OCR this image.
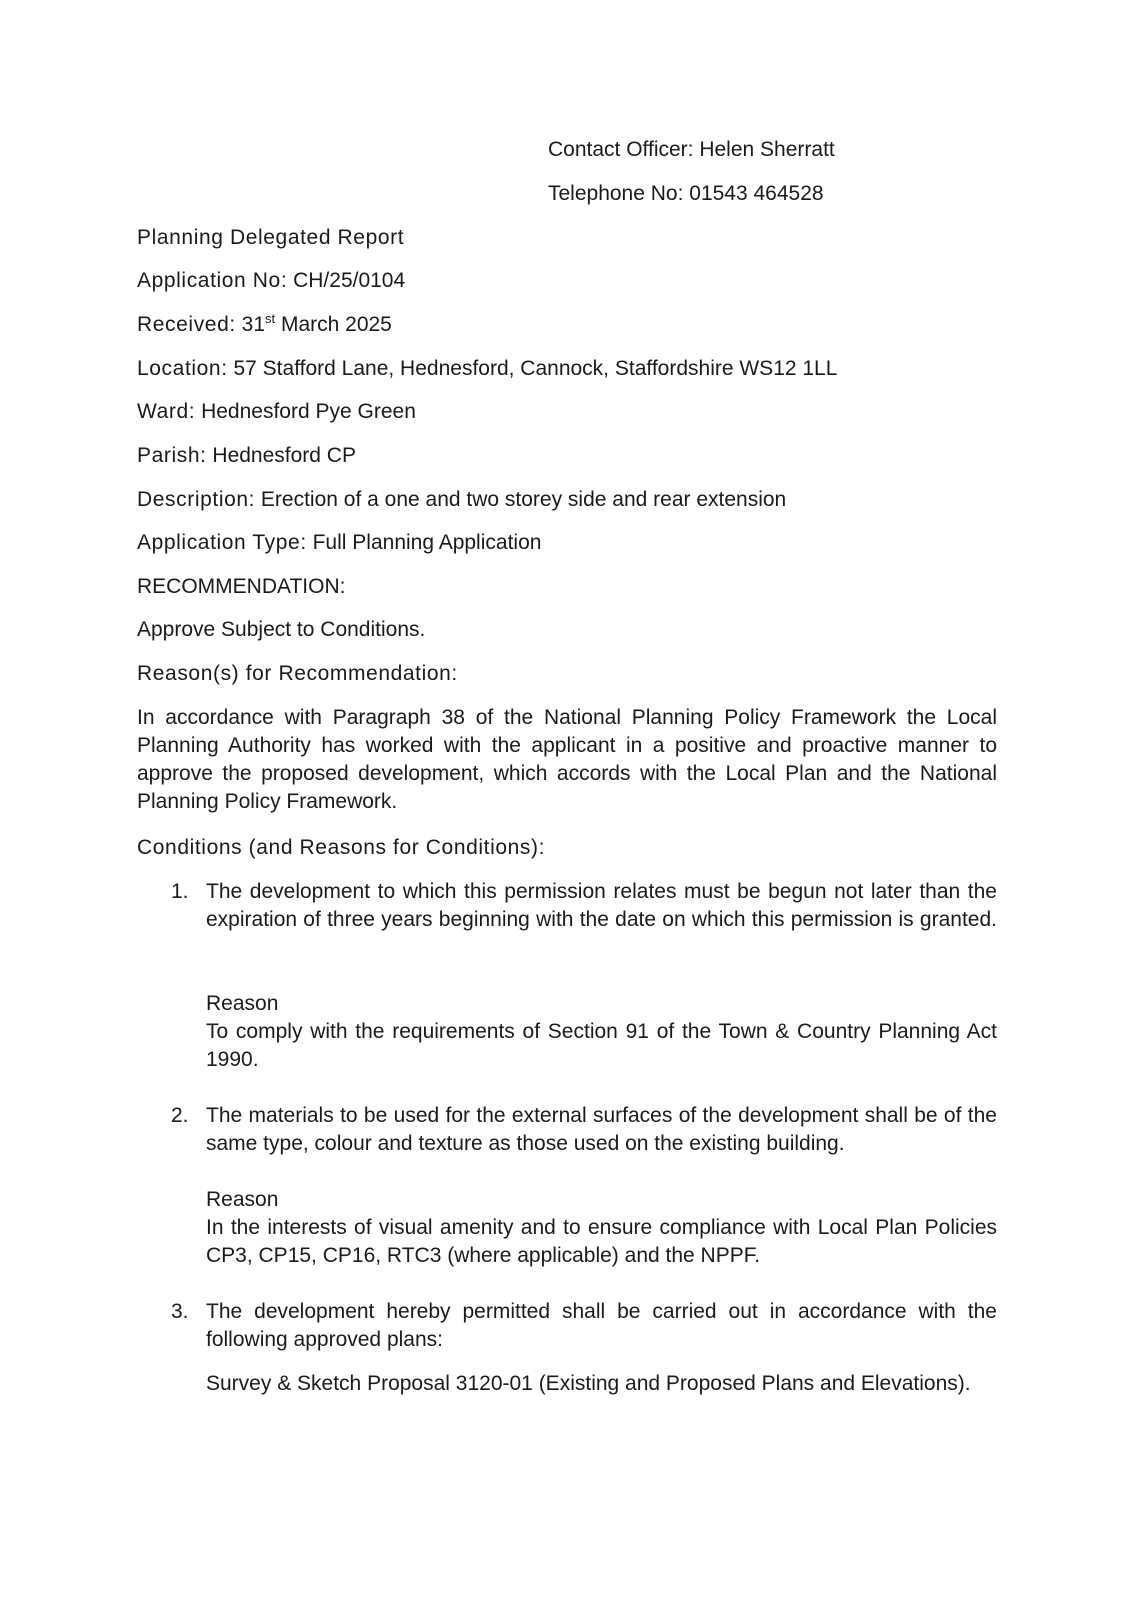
Contact Officer: Helen Sherratt
Telephone No: 01543 464528
Planning Delegated Report
Application No: CH/25/0104
Received: 31st March 2025
Location: 57 Stafford Lane, Hednesford, Cannock, Staffordshire WS12 1LL
Ward: Hednesford Pye Green
Parish: Hednesford CP
Description: Erection of a one and two storey side and rear extension
Application Type: Full Planning Application
RECOMMENDATION:
Approve Subject to Conditions.
Reason(s) for Recommendation:
In accordance with Paragraph 38 of the National Planning Policy Framework the Local Planning Authority has worked with the applicant in a positive and proactive manner to approve the proposed development, which accords with the Local Plan and the National Planning Policy Framework.
Conditions (and Reasons for Conditions):
1. The development to which this permission relates must be begun not later than the expiration of three years beginning with the date on which this permission is granted.
Reason
To comply with the requirements of Section 91 of the Town & Country Planning Act 1990.
2. The materials to be used for the external surfaces of the development shall be of the same type, colour and texture as those used on the existing building.
Reason
In the interests of visual amenity and to ensure compliance with Local Plan Policies CP3, CP15, CP16, RTC3 (where applicable) and the NPPF.
3. The development hereby permitted shall be carried out in accordance with the following approved plans:
Survey & Sketch Proposal 3120-01 (Existing and Proposed Plans and Elevations).
